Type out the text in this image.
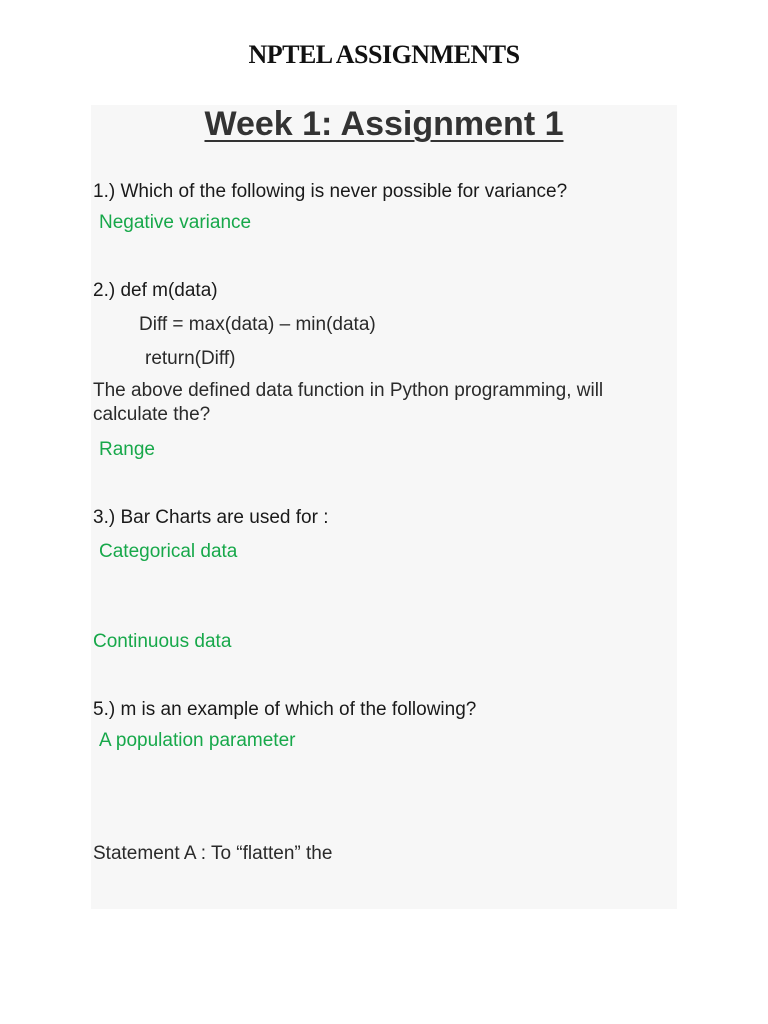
NPTEL ASSIGNMENTS
Week 1: Assignment 1
1.) Which of the following is never possible for variance?
Negative variance
2.) def m(data)
Diff = max(data) – min(data)
return(Diff)
The above defined data function in Python programming, will calculate the?
Range
3.) Bar Charts are used for :
Categorical data
Continuous data
5.) m is an example of which of the following?
A population parameter
Statement A : To “flatten” the
